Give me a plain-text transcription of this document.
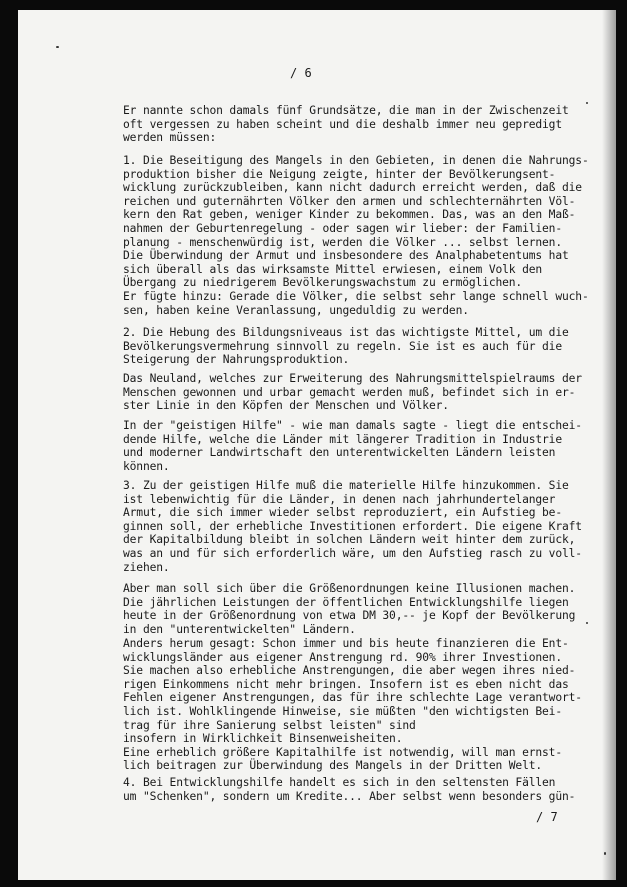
/ 6
Er nannte schon damals fünf Grundsätze, die man in der Zwischenzeit
oft vergessen zu haben scheint und die deshalb immer neu gepredigt
werden müssen:
1. Die Beseitigung des Mangels in den Gebieten, in denen die Nahrungs-
produktion bisher die Neigung zeigte, hinter der Bevölkerungsent-
wicklung zurückzubleiben, kann nicht dadurch erreicht werden, daß die
reichen und guternährten Völker den armen und schlechternährten Völ-
kern den Rat geben, weniger Kinder zu bekommen. Das, was an den Maß-
nahmen der Geburtenregelung - oder sagen wir lieber: der Familien-
planung - menschenwürdig ist, werden die Völker ... selbst lernen.
Die Überwindung der Armut und insbesondere des Analphabetentums hat
sich überall als das wirksamste Mittel erwiesen, einem Volk den
Übergang zu niedrigerem Bevölkerungswachstum zu ermöglichen.
Er fügte hinzu: Gerade die Völker, die selbst sehr lange schnell wuch-
sen, haben keine Veranlassung, ungeduldig zu werden.
2. Die Hebung des Bildungsniveaus ist das wichtigste Mittel, um die
Bevölkerungsvermehrung sinnvoll zu regeln. Sie ist es auch für die
Steigerung der Nahrungsproduktion.
Das Neuland, welches zur Erweiterung des Nahrungsmittelspielraums der
Menschen gewonnen und urbar gemacht werden muß, befindet sich in er-
ster Linie in den Köpfen der Menschen und Völker.
In der "geistigen Hilfe" - wie man damals sagte - liegt die entschei-
dende Hilfe, welche die Länder mit längerer Tradition in Industrie
und moderner Landwirtschaft den unterentwickelten Ländern leisten
können.
3. Zu der geistigen Hilfe muß die materielle Hilfe hinzukommen. Sie
ist lebenwichtig für die Länder, in denen nach jahrhundertelanger
Armut, die sich immer wieder selbst reproduziert, ein Aufstieg be-
ginnen soll, der erhebliche Investitionen erfordert. Die eigene Kraft
der Kapitalbildung bleibt in solchen Ländern weit hinter dem zurück,
was an und für sich erforderlich wäre, um den Aufstieg rasch zu voll-
ziehen.
Aber man soll sich über die Größenordnungen keine Illusionen machen.
Die jährlichen Leistungen der öffentlichen Entwicklungshilfe liegen
heute in der Größenordnung von etwa DM 30,-- je Kopf der Bevölkerung
in den "unterentwickelten" Ländern.
Anders herum gesagt: Schon immer und bis heute finanzieren die Ent-
wicklungsländer aus eigener Anstrengung rd. 90% ihrer Investionen.
Sie machen also erhebliche Anstrengungen, die aber wegen ihres nied-
rigen Einkommens nicht mehr bringen. Insofern ist es eben nicht das
Fehlen eigener Anstrengungen, das für ihre schlechte Lage verantwort-
lich ist. Wohlklingende Hinweise, sie müßten "den wichtigsten Bei-
trag für ihre Sanierung selbst leisten" sind
insofern in Wirklichkeit Binsenweisheiten.
Eine erheblich größere Kapitalhilfe ist notwendig, will man ernst-
lich beitragen zur Überwindung des Mangels in der Dritten Welt.
4. Bei Entwicklungshilfe handelt es sich in den seltensten Fällen
um "Schenken", sondern um Kredite... Aber selbst wenn besonders gün-
/ 7
